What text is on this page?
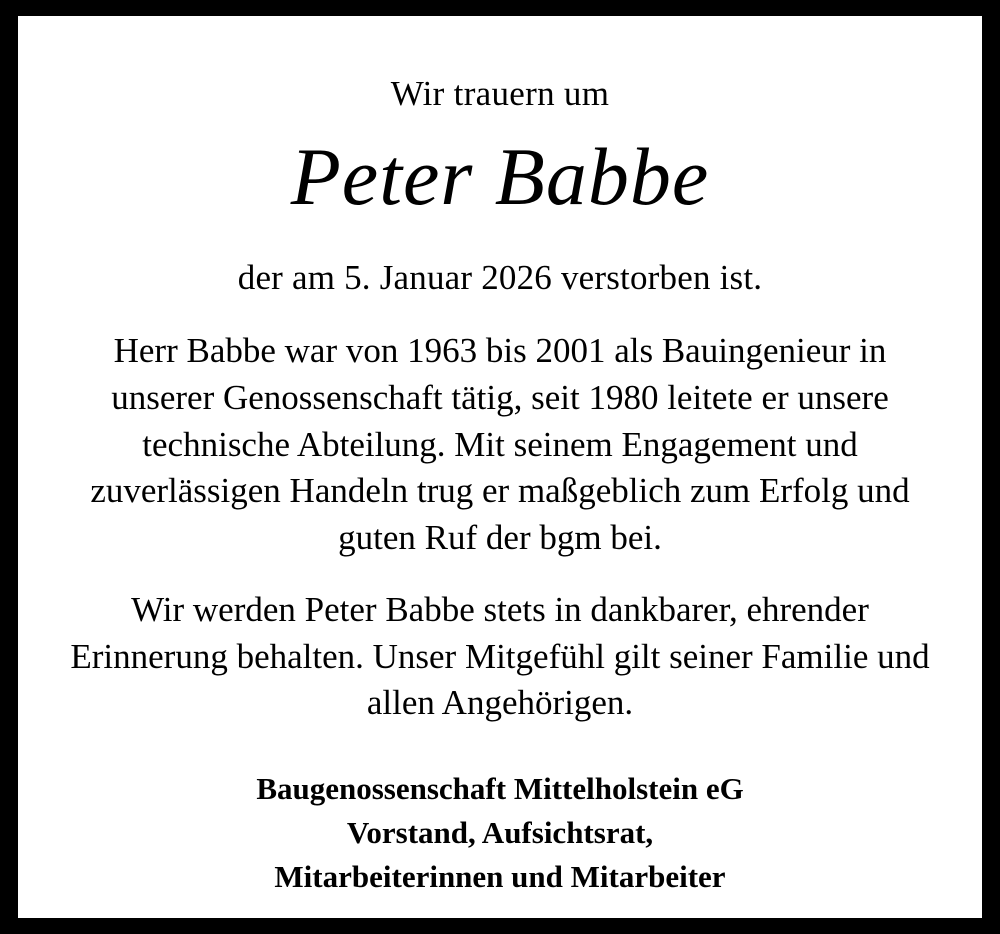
Wir trauern um
Peter Babbe
der am 5. Januar 2026 verstorben ist.
Herr Babbe war von 1963 bis 2001 als Bauingenieur in unserer Genossenschaft tätig, seit 1980 leitete er unsere technische Abteilung. Mit seinem Engagement und zuverlässigen Handeln trug er maßgeblich zum Erfolg und guten Ruf der bgm bei.
Wir werden Peter Babbe stets in dankbarer, ehrender Erinnerung behalten. Unser Mitgefühl gilt seiner Familie und allen Angehörigen.
Baugenossenschaft Mittelholstein eG
Vorstand, Aufsichtsrat,
Mitarbeiterinnen und Mitarbeiter
